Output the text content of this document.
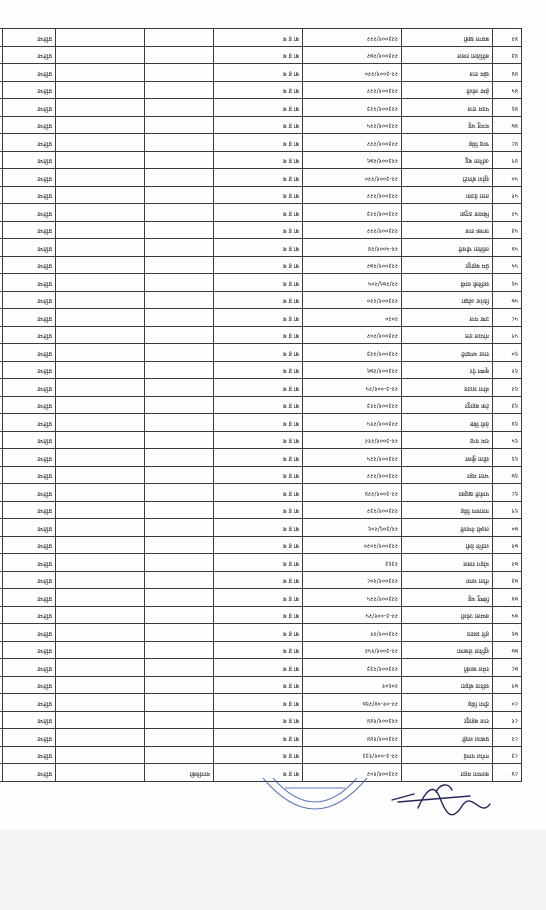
८४	कल्पना महत	२२३००१/१०२	बा ह ब	मानविकी		प्रतिभा	
८३	गणेश पाण्डे	२२-३-००१/१३३	बा ह ब			प्रतिभा	
८२	प्रकाश शाही	२२३००१/१४४	बा ह ब			प्रतिभा	
८१	राज बहादुर	२२३००१/१४४	बा ह ब			प्रतिभा	
८०	दीपा सिंह	२२-०१-०४/२६७	बा ह ब			प्रतिभा	
७९	सरिता बोहरा	२०६०१	बा ह ब			प्रतिभा	
७८	रमेश कार्की	२२३००१/२३३	बा ह ब			प्रतिभा	
७७	सुनिता रोकाया	२२-३००१/१५२	बा ह ब			प्रतिभा	
७६	हरि प्रसाद	२२३००१/२१	बा ह ब			प्रतिभा	
७५	कमला जोशी	२२-३-००१/२५	बा ह ब			प्रतिभा	
७४	विष्णु भट्ट	२२३००१/२२५	बा ह ब			प्रतिभा	
७३	गीता थापा	२२३००१/२०८	बा ह ब			प्रतिभा	
७२	मोहन रावल	२३६३	बा ह ब			प्रतिभा	
७१	शान्ति देवी	२२३००१/२०२०	बा ह ब			प्रतिभा	
७०	लक्ष्मी नेपाली	२२/३०६/२०६	बा ह ब			प्रतिभा	
६९	नारायण सिंह	२२३००१/२३२	बा ह ब			प्रतिभा	
६८	पार्वती खड्का	२२-३००१/२२४	बा ह ब			प्रतिभा	
६७	भरत महर	२२३००१/२२२	बा ह ब			प्रतिभा	
६६	सीता कुँवर	२२३००१/२२५	बा ह ब			प्रतिभा	
६५	राम चन्द्र	२२-३००१/२१२	बा ह ब			प्रतिभा	
६४	देवी बिष्ट	२२३००१/२१५	बा ह ब			प्रतिभा	
६३	टेक बहादुर	२२३००१/२१३	बा ह ब			प्रतिभा	
६२	मीना साउद	२२-३-००१/२५	बा ह ब			प्रतिभा	
६१	कृष्ण ऐर	२२३००१/२७६	बा ह ब			प्रतिभा	
६०	राधा भण्डारी	२२३००१/२२३	बा ह ब			प्रतिभा	
५९	गोपाल दत्त	२२३००१/२०२	बा ह ब			प्रतिभा	
५८	उषा पन्त	२०२०	बा ह ब			प्रतिभा	
५७	दिनेश ओझा	२२३००१/२२०	बा ह ब			प्रतिभा	
५६	सावित्री धामी	२२/२७६/२०५	बा ह ब			प्रतिभा	
५५	प्रेम बहादुर	२२३००१/२७२	बा ह ब			प्रतिभा	
५४	ललिता चौधरी	२२-५००१/२४	बा ह ब			प्रतिभा	
५३	जनक राज	२२३००१/२२२	बा ह ब			प्रतिभा	
५२	बिमला ठगुन्ना	२२३००१/२२३	बा ह ब			प्रतिभा	
५१	तारा देउवा	२२३००१/२२२	बा ह ब			प्रतिभा	
५०	सुरेश बोगटी	२२-३००१/२२०	बा ह ब			प्रतिभा	
४९	अनिता बडू	२२३००१/२७६	बा ह ब			प्रतिभा	
४८	चन्द्र सिंह	२२३००१/२२२	बा ह ब			प्रतिभा	
४७	मञ्जु भट्ट	२२३००१/२२५	बा ह ब			प्रतिभा	
४६	पदम राज	२२३००१/२२३	बा ह ब			प्रतिभा	
४५	हेमा जोशी	२२३००१/२२२	बा ह ब			प्रतिभा	
४४	खेम राज	२२-३००१/२२०	बा ह ब			प्रतिभा	
४३	कौशिला रावल	२२३००१/२७२	बा ह ब			प्रतिभा	
४२	बसन्त खत्री	२२३००१/२२२	बा ह ब			प्रतिभा	
